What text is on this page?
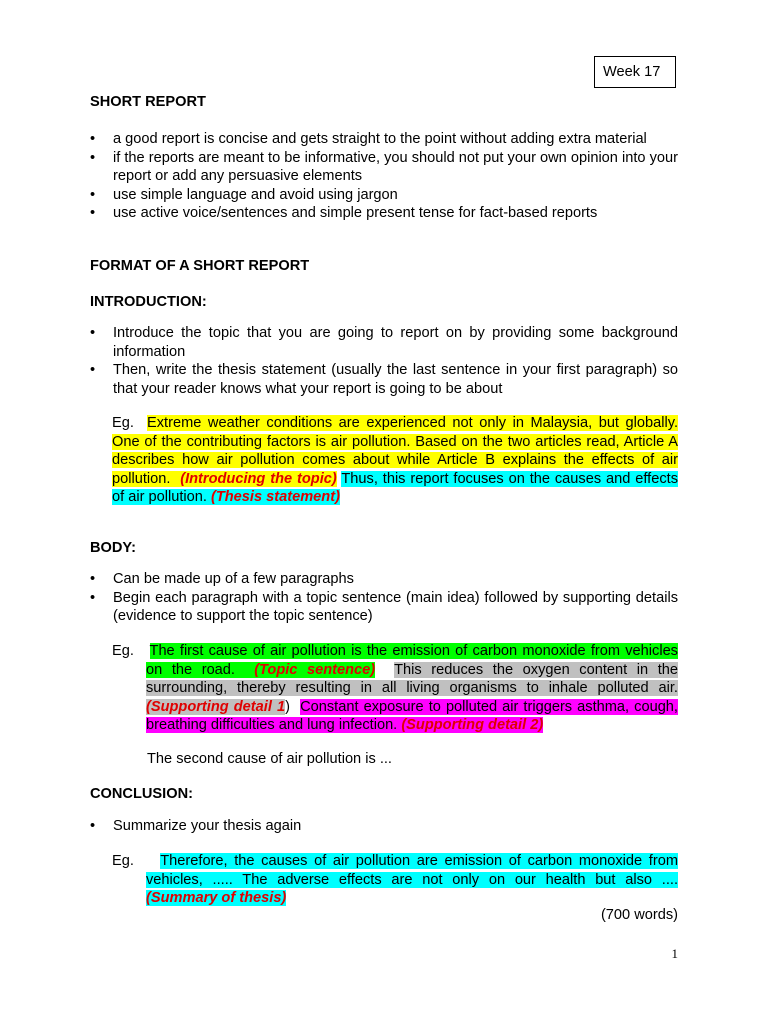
Week 17
SHORT REPORT
• a good report is concise and gets straight to the point without adding extra material
• if the reports are meant to be informative, you should not put your own opinion into your report or add any persuasive elements
• use simple language and avoid using jargon
• use active voice/sentences and simple present tense for fact-based reports
FORMAT OF A SHORT REPORT
INTRODUCTION:
• Introduce the topic that you are going to report on by providing some background information
• Then, write the thesis statement (usually the last sentence in your first paragraph) so that your reader knows what your report is going to be about
Eg. Extreme weather conditions are experienced not only in Malaysia, but globally. One of the contributing factors is air pollution. Based on the two articles read, Article A describes how air pollution comes about while Article B explains the effects of air pollution. (Introducing the topic) Thus, this report focuses on the causes and effects of air pollution. (Thesis statement)
BODY:
• Can be made up of a few paragraphs
• Begin each paragraph with a topic sentence (main idea) followed by supporting details (evidence to support the topic sentence)
Eg. The first cause of air pollution is the emission of carbon monoxide from vehicles on the road. (Topic sentence) This reduces the oxygen content in the surrounding, thereby resulting in all living organisms to inhale polluted air. (Supporting detail 1) Constant exposure to polluted air triggers asthma, cough, breathing difficulties and lung infection. (Supporting detail 2)
The second cause of air pollution is ...
CONCLUSION:
• Summarize your thesis again
Eg. Therefore, the causes of air pollution are emission of carbon monoxide from vehicles, ..... The adverse effects are not only on our health but also .... (Summary of thesis)
(700 words)
1
